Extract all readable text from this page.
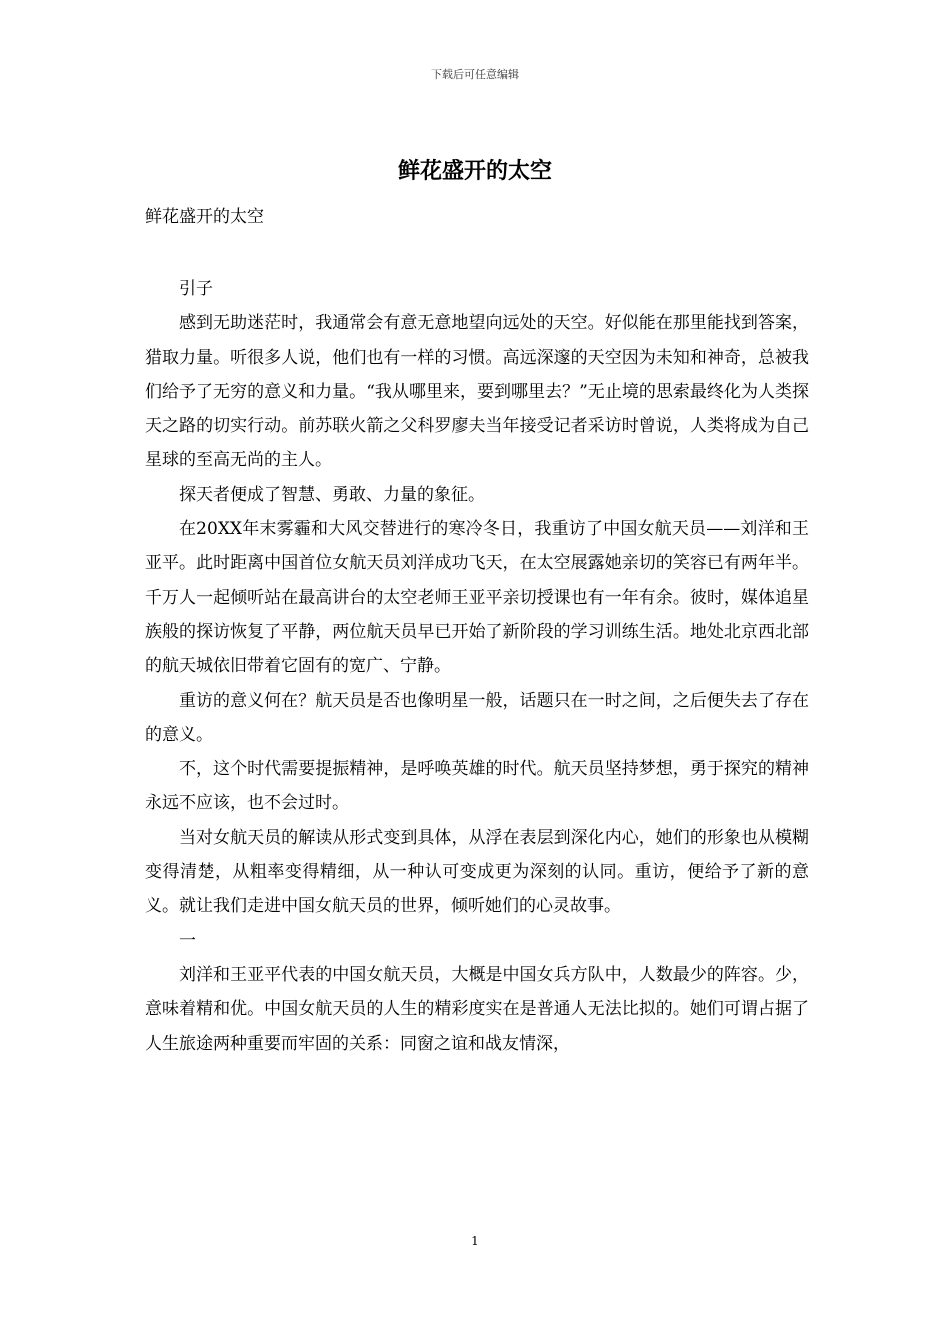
下载后可任意编辑
鲜花盛开的太空
鲜花盛开的太空

引子

感到无助迷茫时，我通常会有意无意地望向远处的天空。好似能在那里能找到答案，猎取力量。听很多人说，他们也有一样的习惯。高远深邃的天空因为未知和神奇，总被我们给予了无穷的意义和力量。“我从哪里来，要到哪里去？”无止境的思索最终化为人类探天之路的切实行动。前苏联火箭之父科罗廖夫当年接受记者采访时曾说，人类将成为自己星球的至高无尚的主人。

探天者便成了智慧、勇敢、力量的象征。

在20XX年末雾霾和大风交替进行的寒冷冬日，我重访了中国女航天员——刘洋和王亚平。此时距离中国首位女航天员刘洋成功飞天，在太空展露她亲切的笑容已有两年半。千万人一起倾听站在最高讲台的太空老师王亚平亲切授课也有一年有余。彼时，媒体追星族般的探访恢复了平静，两位航天员早已开始了新阶段的学习训练生活。地处北京西北部的航天城依旧带着它固有的宽广、宁静。

重访的意义何在？航天员是否也像明星一般，话题只在一时之间，之后便失去了存在的意义。

不，这个时代需要提振精神，是呼唤英雄的时代。航天员坚持梦想，勇于探究的精神永远不应该，也不会过时。

当对女航天员的解读从形式变到具体，从浮在表层到深化内心，她们的形象也从模糊变得清楚，从粗率变得精细，从一种认可变成更为深刻的认同。重访，便给予了新的意义。就让我们走进中国女航天员的世界，倾听她们的心灵故事。

一

刘洋和王亚平代表的中国女航天员，大概是中国女兵方队中，人数最少的阵容。少，意味着精和优。中国女航天员的人生的精彩度实在是普通人无法比拟的。她们可谓占据了人生旅途两种重要而牢固的关系：同窗之谊和战友情深，

1
